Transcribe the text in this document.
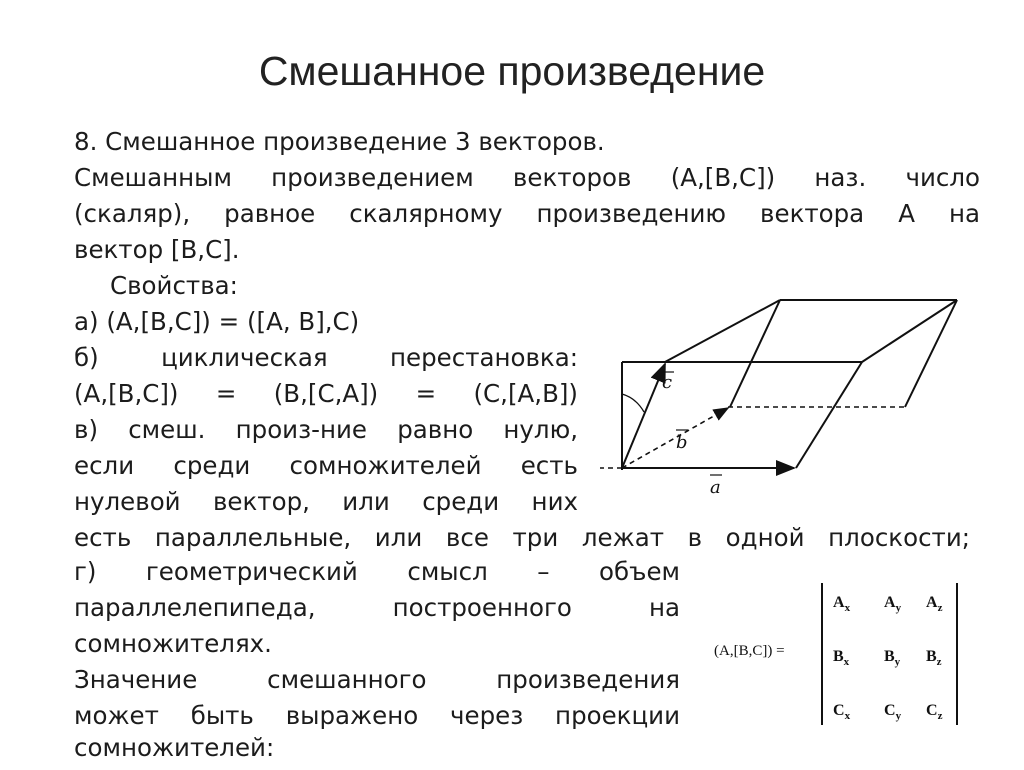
Смешанное произведение
8. Смешанное произведение 3 векторов.
Смешанным произведением векторов (A,[B,C]) наз. число
(скаляр), равное скалярному произведению вектора A на
вектор [B,C].
Свойства:
а) (A,[B,C]) = ([A, B],C)
б) циклическая перестановка:
(A,[B,C]) = (B,[C,A]) = (C,[A,B])
в) смеш. произ-ние равно нулю,
если среди сомножителей есть
нулевой вектор, или среди них
есть параллельные, или все три лежат в одной плоскости;
г) геометрический смысл – объем
параллелепипеда, построенного на
сомножителях.
Значение смешанного произведения
может быть выражено через проекции
сомножителей:
c
b
a
(A,[B,C]) =
$A_x$ $A_y$ $A_z$
$B_x$ $B_y$ $B_z$
$C_x$ $C_y$ $C_z$
